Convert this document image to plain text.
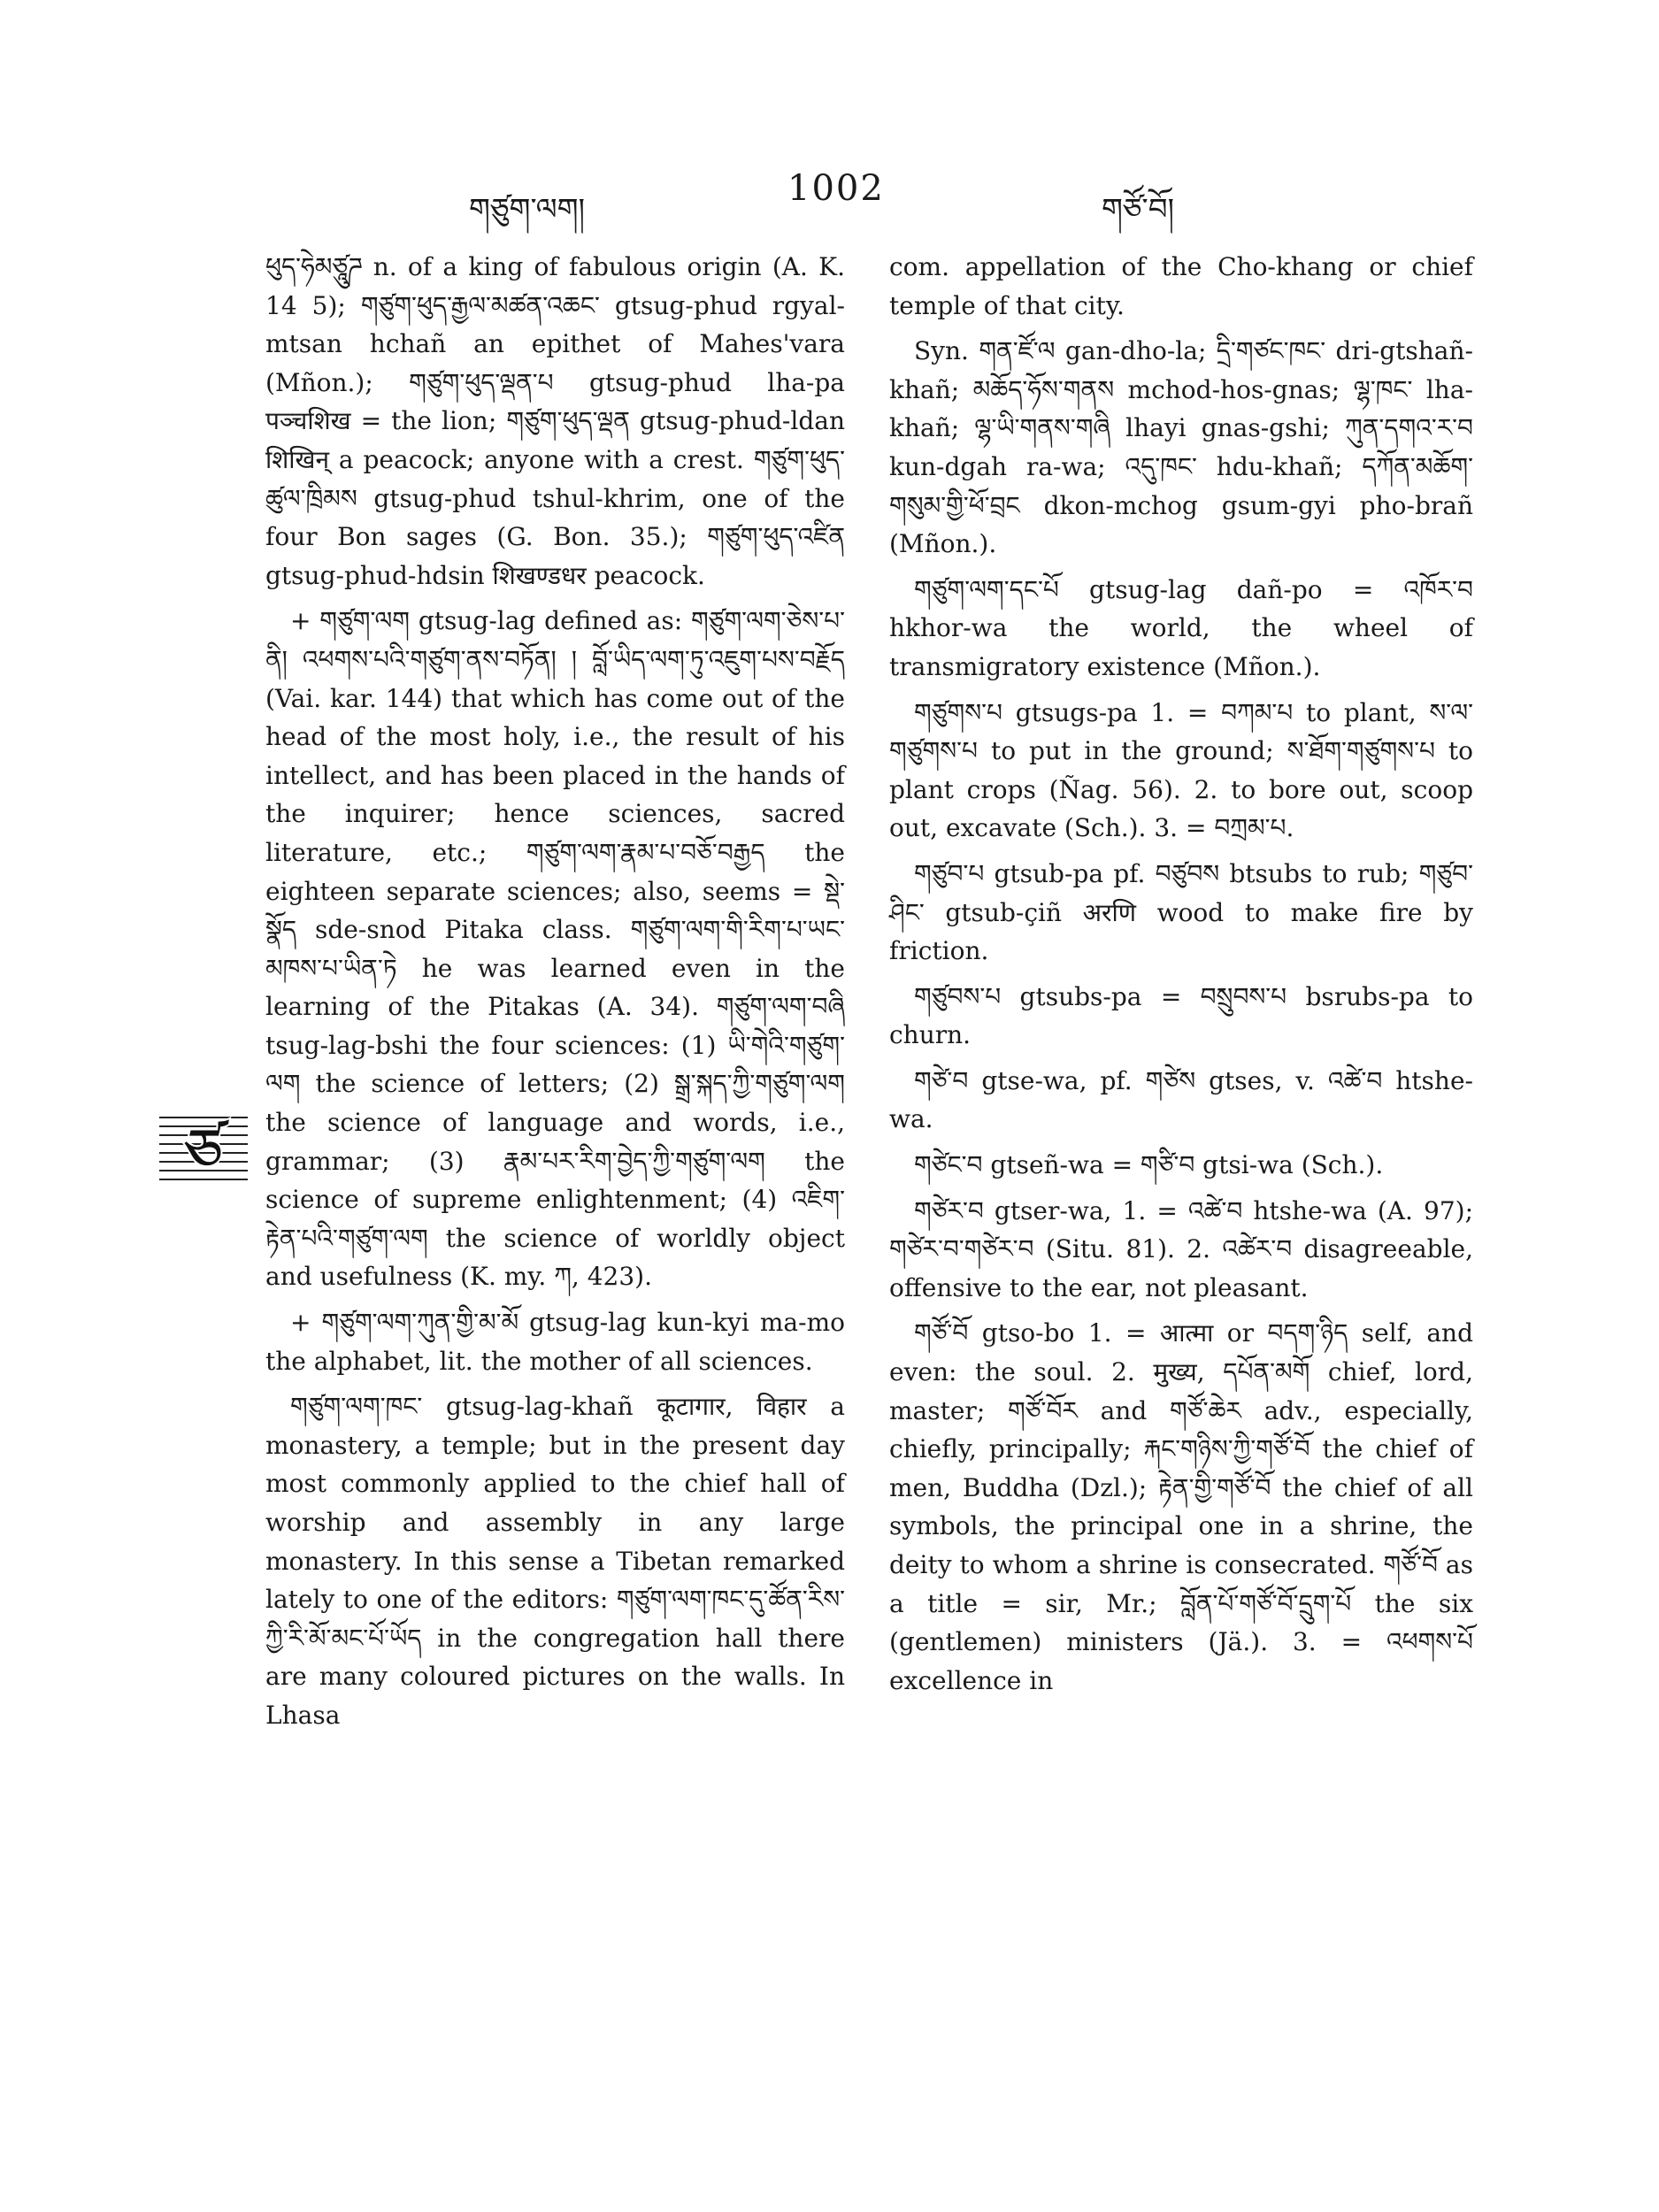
གཙུག་ལག།
1002
གཙོ་བོ།
ཙ

ཕུད་ཧེམཙཱུཌ n. of a king of fabulous origin (A. K. 14 5); གཙུག་ཕུད་རྒྱལ་མཚན་འཆང་ gtsug-phud rgyal-mtsan hchañ an epithet of Mahes'vara (Mñon.); གཙུག་ཕུད་ལྡན་པ gtsug-phud lha-pa पञ्चशिख = the lion; གཙུག་ཕུད་ལྡན gtsug-phud-ldan शिखिन् a peacock; anyone with a crest. གཙུག་ཕུད་ཚུལ་ཁྲིམས gtsug-phud tshul-khrim, one of the four Bon sages (G. Bon. 35.); གཙུག་ཕུད་འཛིན gtsug-phud-hdsin शिखण्डधर peacock.

+ གཙུག་ལག gtsug-lag defined as: གཙུག་ལག་ཅེས་པ་ནི། འཕགས་པའི་གཙུག་ནས་བཏོན། ། བློ་ཡིད་ལག་ཏུ་འཇུག་པས་བརྗོད (Vai. kar. 144) that which has come out of the head of the most holy, i.e., the result of his intellect, and has been placed in the hands of the inquirer; hence sciences, sacred literature, etc.; གཙུག་ལག་རྣམ་པ་བཅོ་བརྒྱད the eighteen separate sciences; also, seems = སྡེ་སྣོད sde-snod Pitaka class. གཙུག་ལག་གི་རིག་པ་ཡང་མཁས་པ་ཡིན་ཏེ he was learned even in the learning of the Pitakas (A. 34). གཙུག་ལག་བཞི tsug-lag-bshi the four sciences: (1) ཡི་གེའི་གཙུག་ལག the science of letters; (2) སྒྲ་སྐད་ཀྱི་གཙུག་ལག the science of language and words, i.e., grammar; (3) རྣམ་པར་རིག་བྱེད་ཀྱི་གཙུག་ལག the science of supreme enlightenment; (4) འཇིག་རྟེན་པའི་གཙུག་ལག the science of worldly object and usefulness (K. my. ཀ, 423).

+ གཙུག་ལག་ཀུན་གྱི་མ་མོ gtsug-lag kun-kyi ma-mo the alphabet, lit. the mother of all sciences.

གཙུག་ལག་ཁང་ gtsug-lag-khañ कूटागार, विहार a monastery, a temple; but in the present day most commonly applied to the chief hall of worship and assembly in any large monastery. In this sense a Tibetan remarked lately to one of the editors: གཙུག་ལག་ཁང་དུ་ཚོན་རིས་ཀྱི་རི་མོ་མང་པོ་ཡོད in the congregation hall there are many coloured pictures on the walls. In Lhasa

com. appellation of the Cho-khang or chief temple of that city.

Syn. གན་ཛོ་ལ gan-dho-la; དྲི་གཙང་ཁང་ dri-gtshañ-khañ; མཆོད་ཧོས་གནས mchod-hos-gnas; ལྷ་ཁང་ lha-khañ; ལྷ་ཡི་གནས་གཞི lhayi gnas-gshi; ཀུན་དགའ་ར་བ kun-dgah ra-wa; འདུ་ཁང་ hdu-khañ; དཀོན་མཆོག་གསུམ་གྱི་ཕོ་བྲང dkon-mchog gsum-gyi pho-brañ (Mñon.).

གཙུག་ལག་དང་པོ gtsug-lag dañ-po = འཁོར་བ hkhor-wa the world, the wheel of transmigratory existence (Mñon.).

གཙུགས་པ gtsugs-pa 1. = བཀམ་པ to plant, ས་ལ་གཙུགས་པ to put in the ground; ས་ཐོག་གཙུགས་པ to plant crops (Ñag. 56). 2. to bore out, scoop out, excavate (Sch.). 3. = བཀྲམ་པ.

གཙུབ་པ gtsub-pa pf. བཙུབས btsubs to rub; གཙུབ་ཤིང་ gtsub-çiñ अरणि wood to make fire by friction.

གཙུབས་པ gtsubs-pa = བསྲུབས་པ bsrubs-pa to churn.

གཙེ་བ gtse-wa, pf. གཙེས gtses, v. འཚེ་བ htshe-wa.

གཙེང་བ gtseñ-wa = གཙི་བ gtsi-wa (Sch.).

གཙེར་བ gtser-wa, 1. = འཚེ་བ htshe-wa (A. 97); གཙེར་བ་གཙེར་བ (Situ. 81). 2. འཚེར་བ disagreeable, offensive to the ear, not pleasant.

གཙོ་བོ gtso-bo 1. = आत्मा or བདག་ཉིད self, and even: the soul. 2. मुख्य, དཔོན་མགོ chief, lord, master; གཙོ་བོར and གཙོ་ཆེར adv., especially, chiefly, principally; རྐང་གཉིས་ཀྱི་གཙོ་བོ the chief of men, Buddha (Dzl.); རྟེན་གྱི་གཙོ་བོ the chief of all symbols, the principal one in a shrine, the deity to whom a shrine is consecrated. གཙོ་བོ as a title = sir, Mr.; བློན་པོ་གཙོ་བོ་དྲུག་པོ the six (gentlemen) ministers (Jä.). 3. = འཕགས་པོ excellence in
